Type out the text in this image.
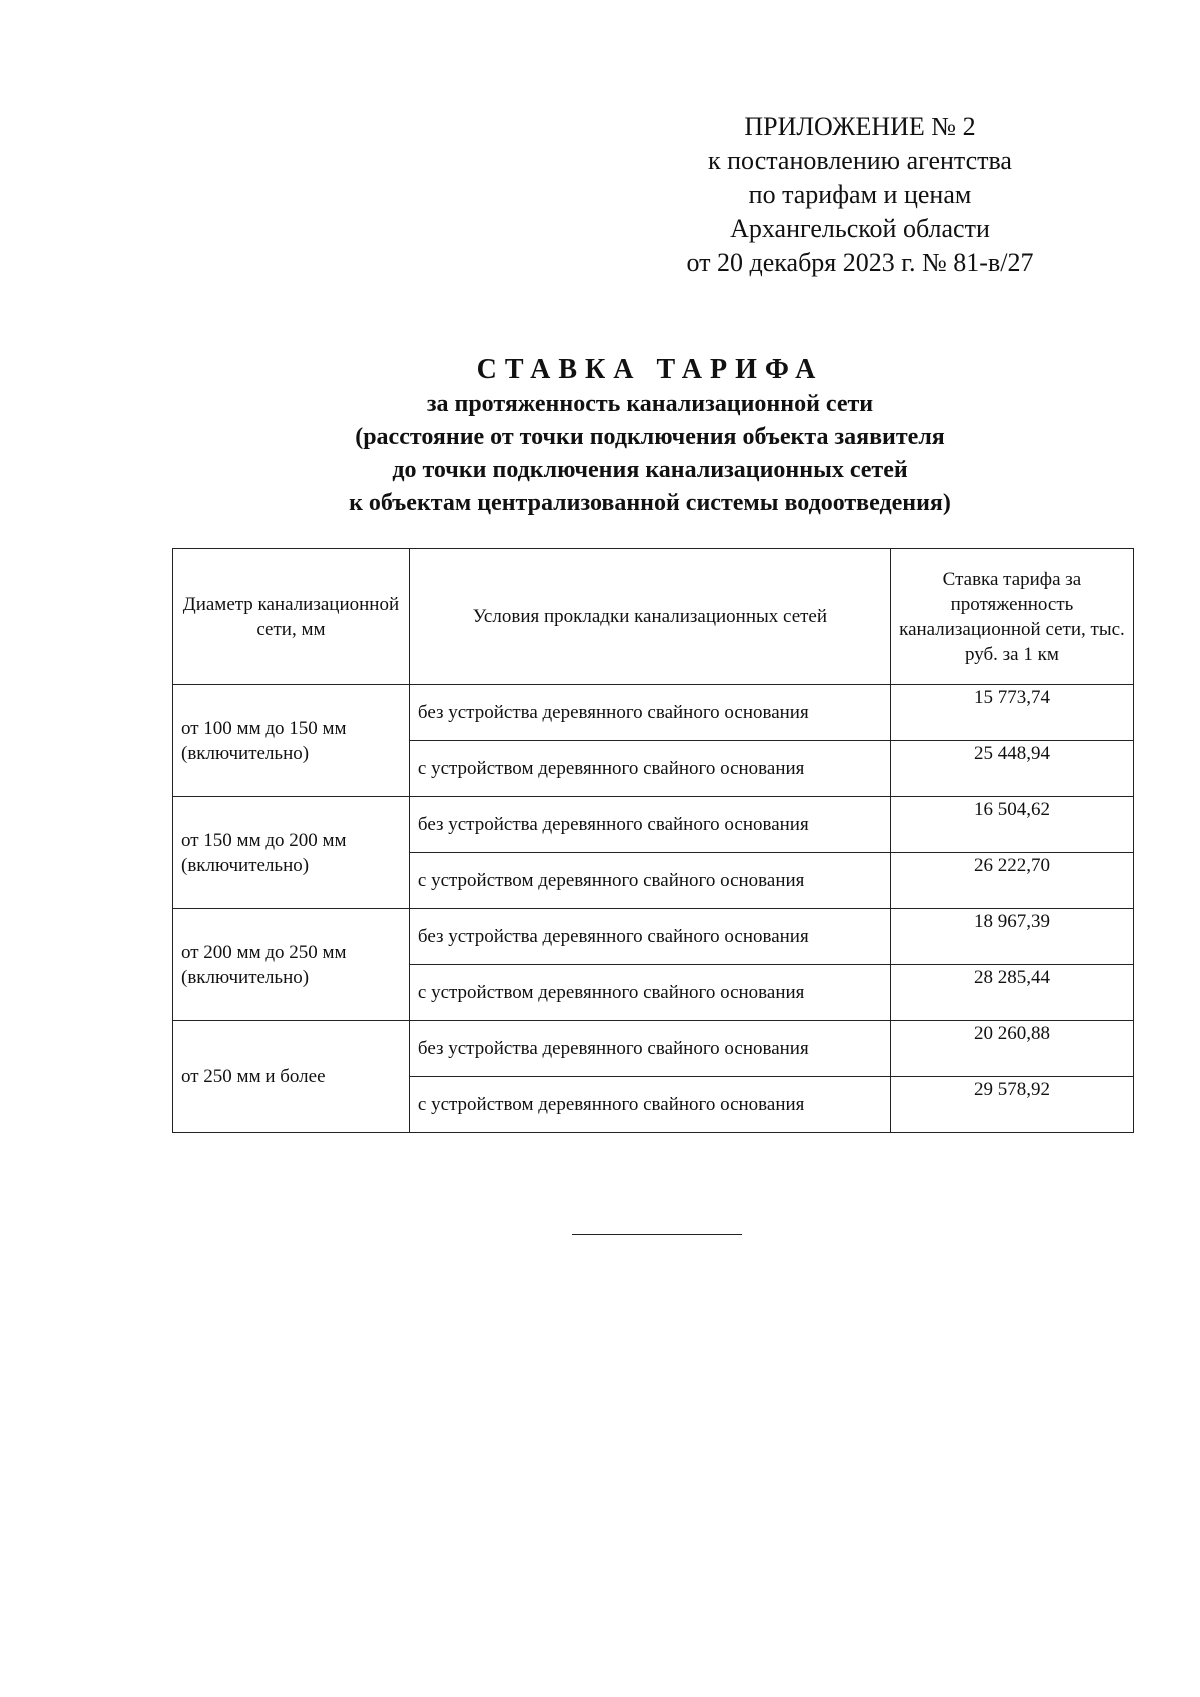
ПРИЛОЖЕНИЕ № 2
к постановлению агентства
по тарифам и ценам
Архангельской области
от 20 декабря 2023 г. № 81-в/27
СТАВКА ТАРИФА
за протяженность канализационной сети
(расстояние от точки подключения объекта заявителя
до точки подключения канализационных сетей
к объектам централизованной системы водоотведения)
Диаметр канализационной сети, мм	Условия прокладки канализационных сетей	Ставка тарифа за протяженность канализационной сети, тыс. руб. за 1 км
от 100 мм до 150 мм (включительно)	без устройства деревянного свайного основания	15 773,74
	с устройством деревянного свайного основания	25 448,94
от 150 мм до 200 мм (включительно)	без устройства деревянного свайного основания	16 504,62
	с устройством деревянного свайного основания	26 222,70
от 200 мм до 250 мм (включительно)	без устройства деревянного свайного основания	18 967,39
	с устройством деревянного свайного основания	28 285,44
от 250 мм и более	без устройства деревянного свайного основания	20 260,88
	с устройством деревянного свайного основания	29 578,92
